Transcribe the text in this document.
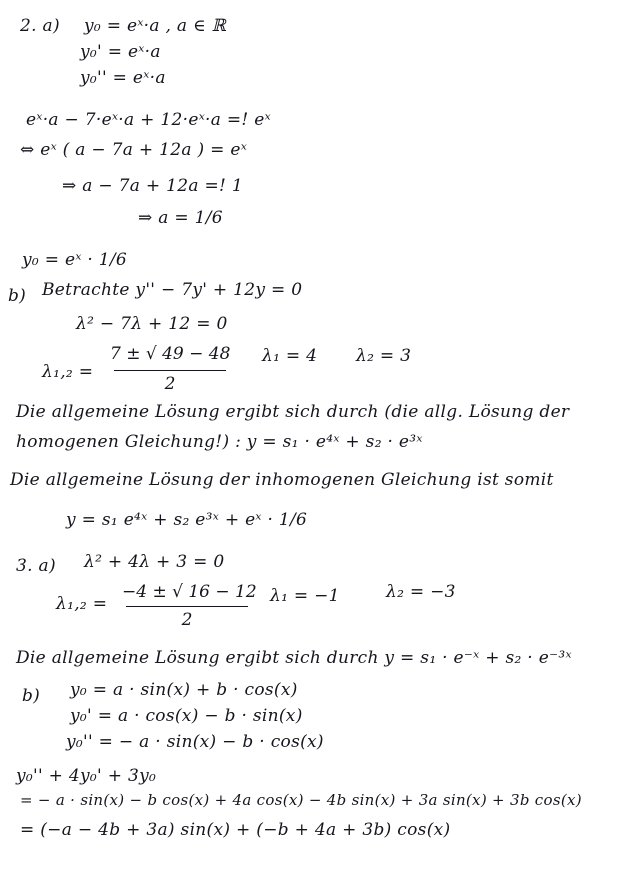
2. a) y₀ = eˣ·a , a ∈ ℝ
y₀' = eˣ·a
y₀'' = eˣ·a
eˣ·a − 7·eˣ·a + 12·eˣ·a =! eˣ
⇔ eˣ ( a − 7a + 12a ) = eˣ
⇒ a − 7a + 12a =! 1
⇒ a = 1/6
y₀ = eˣ · 1/6
b) Betrachte y'' − 7y' + 12y = 0
λ² − 7λ + 12 = 0
λ₁,₂ =
7 ± √ 49 − 48
2
λ₁ = 4 λ₂ = 3
Die allgemeine Lösung ergibt sich durch (die allg. Lösung der
homogenen Gleichung!) : y = s₁ · e⁴ˣ + s₂ · e³ˣ
Die allgemeine Lösung der inhomogenen Gleichung ist somit
y = s₁ e⁴ˣ + s₂ e³ˣ + eˣ · 1/6
3. a) λ² + 4λ + 3 = 0
λ₁,₂ =
−4 ± √ 16 − 12
2
λ₁ = −1	λ₂ = −3
Die allgemeine Lösung ergibt sich durch y = s₁ · e⁻ˣ + s₂ · e⁻³ˣ
b) y₀ = a · sin(x) + b · cos(x)
y₀' = a · cos(x) − b · sin(x)
y₀'' = − a · sin(x) − b · cos(x)
y₀'' + 4y₀' + 3y₀
= − a · sin(x) − b cos(x) + 4a cos(x) − 4b sin(x) + 3a sin(x) + 3b cos(x)
= (−a − 4b + 3a) sin(x) + (−b + 4a + 3b) cos(x)
